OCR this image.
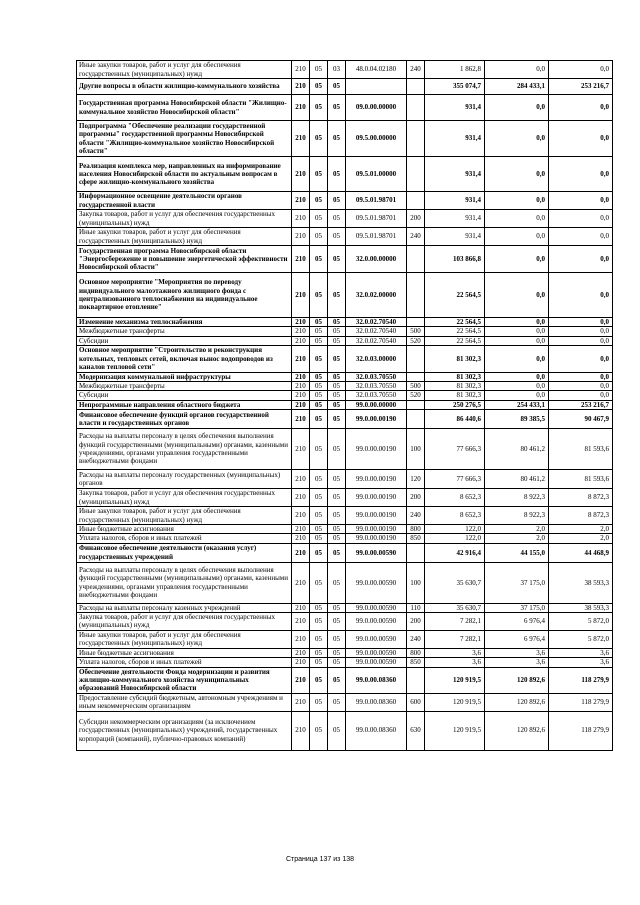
Иные закупки товаров, работ и услуг для обеспечения государственных (муниципальных) нужд	210	05	03	48.0.04.02180	240	1 862,8	0,0	0,0
Другие вопросы в области жилищно-коммунального хозяйства	210	05	05			355 074,7	284 433,1	253 216,7
Государственная программа Новосибирской области "Жилищно-коммунальное хозяйство Новосибирской области"	210	05	05	09.0.00.00000		931,4	0,0	0,0
Подпрограмма "Обеспечение реализации государственной программы" государственной программы Новосибирской области "Жилищно-коммунальное хозяйство Новосибирской области"	210	05	05	09.5.00.00000		931,4	0,0	0,0
Реализация комплекса мер, направленных на информирование населения Новосибирской области по актуальным вопросам в сфере жилищно-коммунального хозяйства	210	05	05	09.5.01.00000		931,4	0,0	0,0
Информационное освещение деятельности органов государственной власти	210	05	05	09.5.01.98701		931,4	0,0	0,0
Закупка товаров, работ и услуг для обеспечения государственных (муниципальных) нужд	210	05	05	09.5.01.98701	200	931,4	0,0	0,0
Иные закупки товаров, работ и услуг для обеспечения государственных (муниципальных) нужд	210	05	05	09.5.01.98701	240	931,4	0,0	0,0
Государственная программа Новосибирской области "Энергосбережение и повышение энергетической эффективности Новосибирской области"	210	05	05	32.0.00.00000		103 866,8	0,0	0,0
Основное мероприятие "Мероприятия по переводу индивидуального малоэтажного жилищного фонда с централизованного теплоснабжения на индивидуальное поквартирное отопление"	210	05	05	32.0.02.00000		22 564,5	0,0	0,0
Изменение механизма теплоснабжения	210	05	05	32.0.02.70540		22 564,5	0,0	0,0
Межбюджетные трансферты	210	05	05	32.0.02.70540	500	22 564,5	0,0	0,0
Субсидии	210	05	05	32.0.02.70540	520	22 564,5	0,0	0,0
Основное мероприятие "Строительство и реконструкция котельных, тепловых сетей, включая вынос водопроводов из каналов тепловой сети"	210	05	05	32.0.03.00000		81 302,3	0,0	0,0
Модернизация коммунальной инфраструктуры	210	05	05	32.0.03.70550		81 302,3	0,0	0,0
Межбюджетные трансферты	210	05	05	32.0.03.70550	500	81 302,3	0,0	0,0
Субсидии	210	05	05	32.0.03.70550	520	81 302,3	0,0	0,0
Непрограммные направления областного бюджета	210	05	05	99.0.00.00000		250 276,5	254 433,1	253 216,7
Финансовое обеспечение функций органов государственной власти и государственных органов	210	05	05	99.0.00.00190		86 440,6	89 385,5	90 467,9
Расходы на выплаты персоналу в целях обеспечения выполнения функций государственными (муниципальными) органами, казенными учреждениями, органами управления государственными внебюджетными фондами	210	05	05	99.0.00.00190	100	77 666,3	80 461,2	81 593,6
Расходы на выплаты персоналу государственных (муниципальных) органов	210	05	05	99.0.00.00190	120	77 666,3	80 461,2	81 593,6
Закупка товаров, работ и услуг для обеспечения государственных (муниципальных) нужд	210	05	05	99.0.00.00190	200	8 652,3	8 922,3	8 872,3
Иные закупки товаров, работ и услуг для обеспечения государственных (муниципальных) нужд	210	05	05	99.0.00.00190	240	8 652,3	8 922,3	8 872,3
Иные бюджетные ассигнования	210	05	05	99.0.00.00190	800	122,0	2,0	2,0
Уплата налогов, сборов и иных платежей	210	05	05	99.0.00.00190	850	122,0	2,0	2,0
Финансовое обеспечение деятельности (оказания услуг) государственных учреждений	210	05	05	99.0.00.00590		42 916,4	44 155,0	44 468,9
Расходы на выплаты персоналу в целях обеспечения выполнения функций государственными (муниципальными) органами, казенными учреждениями, органами управления государственными внебюджетными фондами	210	05	05	99.0.00.00590	100	35 630,7	37 175,0	38 593,3
Расходы на выплаты персоналу казенных учреждений	210	05	05	99.0.00.00590	110	35 630,7	37 175,0	38 593,3
Закупка товаров, работ и услуг для обеспечения государственных (муниципальных) нужд	210	05	05	99.0.00.00590	200	7 282,1	6 976,4	5 872,0
Иные закупки товаров, работ и услуг для обеспечения государственных (муниципальных) нужд	210	05	05	99.0.00.00590	240	7 282,1	6 976,4	5 872,0
Иные бюджетные ассигнования	210	05	05	99.0.00.00590	800	3,6	3,6	3,6
Уплата налогов, сборов и иных платежей	210	05	05	99.0.00.00590	850	3,6	3,6	3,6
Обеспечение деятельности Фонда модернизации и развития жилищно-коммунального хозяйства муниципальных образований Новосибирской области	210	05	05	99.0.00.08360		120 919,5	120 892,6	118 279,9
Предоставление субсидий бюджетным, автономным учреждениям и иным некоммерческим организациям	210	05	05	99.0.00.08360	600	120 919,5	120 892,6	118 279,9
Субсидии некоммерческим организациям (за исключением государственных (муниципальных) учреждений, государственных корпораций (компаний), публично-правовых компаний)	210	05	05	99.0.00.08360	630	120 919,5	120 892,6	118 279,9
Страница 137 из 138
